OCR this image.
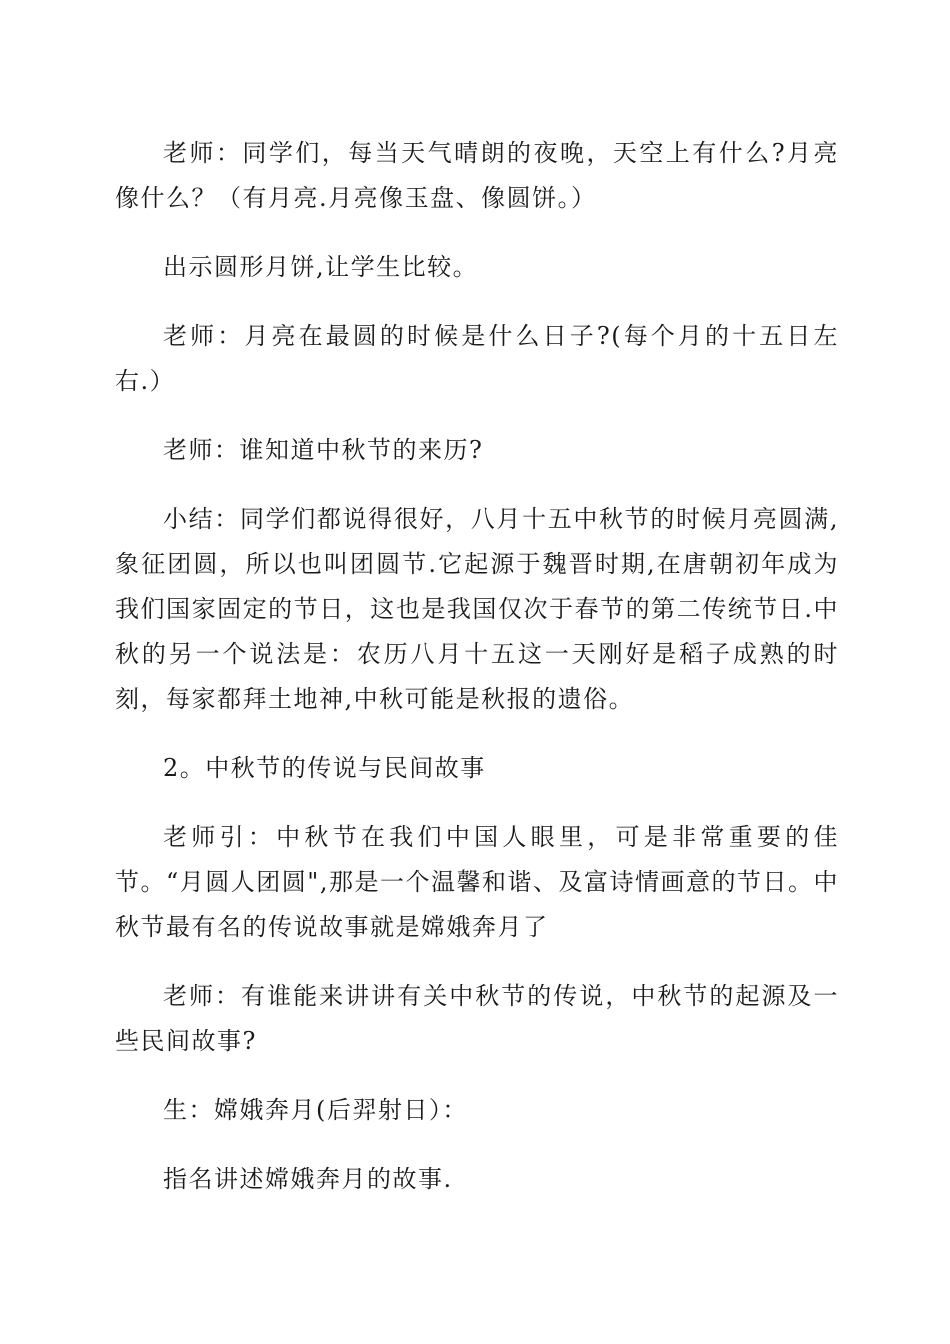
老师：同学们，每当天气晴朗的夜晚，天空上有什么?月亮像什么？（有月亮.月亮像玉盘、像圆饼。）

出示圆形月饼,让学生比较。

老师：月亮在最圆的时候是什么日子?(每个月的十五日左右.）

老师：谁知道中秋节的来历?

小结：同学们都说得很好，八月十五中秋节的时候月亮圆满,象征团圆，所以也叫团圆节.它起源于魏晋时期,在唐朝初年成为我们国家固定的节日，这也是我国仅次于春节的第二传统节日.中秋的另一个说法是：农历八月十五这一天刚好是稻子成熟的时刻，每家都拜土地神,中秋可能是秋报的遗俗。

2。中秋节的传说与民间故事

老师引：中秋节在我们中国人眼里，可是非常重要的佳节。“月圆人团圆",那是一个温馨和谐、及富诗情画意的节日。中秋节最有名的传说故事就是嫦娥奔月了

老师：有谁能来讲讲有关中秋节的传说，中秋节的起源及一些民间故事?

生：嫦娥奔月(后羿射日）：

指名讲述嫦娥奔月的故事.
